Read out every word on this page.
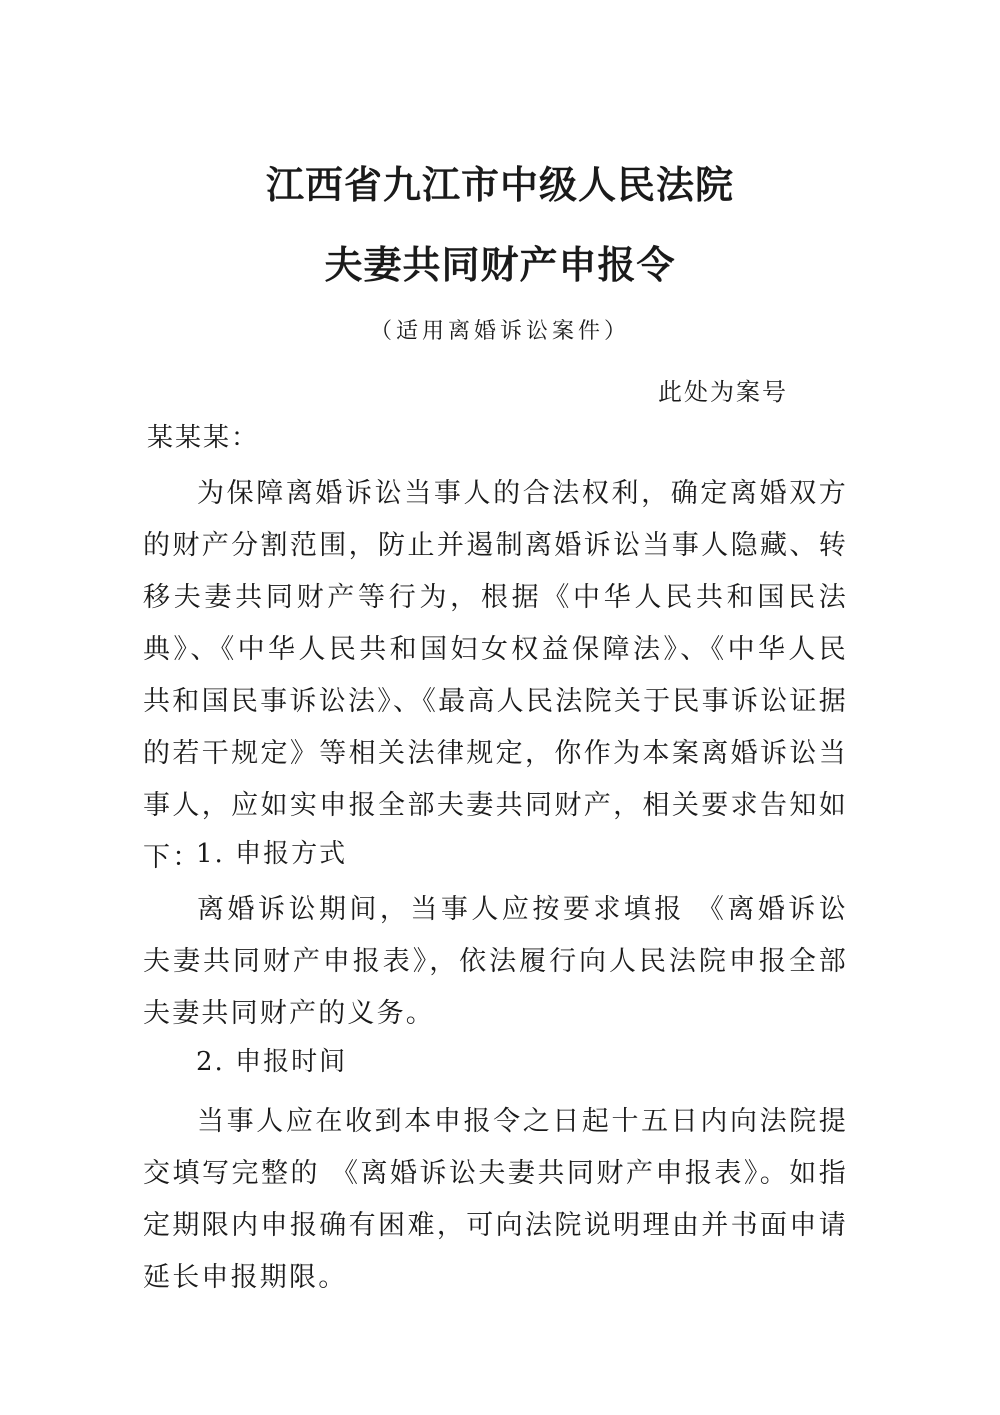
江西省九江市中级人民法院
夫妻共同财产申报令
（适用离婚诉讼案件）
此处为案号
某某某：
为保障离婚诉讼当事人的合法权利，确定离婚双方的财产分割范围，防止并遏制离婚诉讼当事人隐藏、转移夫妻共同财产等行为，根据《中华人民共和国民法典》、《中华人民共和国妇女权益保障法》、《中华人民共和国民事诉讼法》、《最高人民法院关于民事诉讼证据的若干规定》等相关法律规定，你作为本案离婚诉讼当事人，应如实申报全部夫妻共同财产，相关要求告知如下：
1. 申报方式
离婚诉讼期间，当事人应按要求填报 《离婚诉讼夫妻共同财产申报表》，依法履行向人民法院申报全部夫妻共同财产的义务。
2. 申报时间
当事人应在收到本申报令之日起十五日内向法院提交填写完整的 《离婚诉讼夫妻共同财产申报表》。如指定期限内申报确有困难，可向法院说明理由并书面申请延长申报期限。
